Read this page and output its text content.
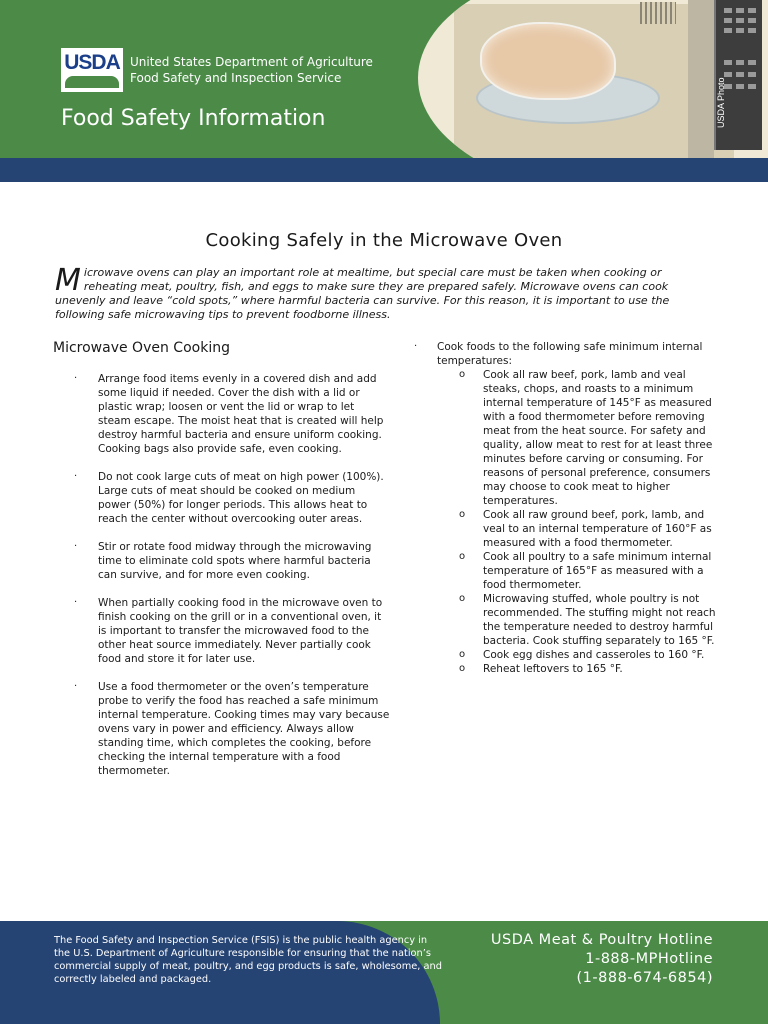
USDA Photo
USDA United States Department of Agriculture
Food Safety and Inspection Service
Food Safety Information
Cooking Safely in the Microwave Oven
Microwave ovens can play an important role at mealtime, but special care must be taken when cooking or reheating meat, poultry, fish, and eggs to make sure they are prepared safely. Microwave ovens can cook unevenly and leave “cold spots,” where harmful bacteria can survive. For this reason, it is important to use the following safe microwaving tips to prevent foodborne illness.
Microwave Oven Cooking
· Arrange food items evenly in a covered dish and add some liquid if needed. Cover the dish with a lid or plastic wrap; loosen or vent the lid or wrap to let steam escape. The moist heat that is created will help destroy harmful bacteria and ensure uniform cooking. Cooking bags also provide safe, even cooking.
· Do not cook large cuts of meat on high power (100%). Large cuts of meat should be cooked on medium power (50%) for longer periods. This allows heat to reach the center without overcooking outer areas.
· Stir or rotate food midway through the microwaving time to eliminate cold spots where harmful bacteria can survive, and for more even cooking.
· When partially cooking food in the microwave oven to finish cooking on the grill or in a conventional oven, it is important to transfer the microwaved food to the other heat source immediately. Never partially cook food and store it for later use.
· Use a food thermometer or the oven’s temperature probe to verify the food has reached a safe minimum internal temperature. Cooking times may vary because ovens vary in power and efficiency. Always allow standing time, which completes the cooking, before checking the internal temperature with a food thermometer.
· Cook foods to the following safe minimum internal temperatures:
o Cook all raw beef, pork, lamb and veal steaks, chops, and roasts to a minimum internal temperature of 145°F as measured with a food thermometer before removing meat from the heat source. For safety and quality, allow meat to rest for at least three minutes before carving or consuming. For reasons of personal preference, consumers may choose to cook meat to higher temperatures.
o Cook all raw ground beef, pork, lamb, and veal to an internal temperature of 160°F as measured with a food thermometer.
o Cook all poultry to a safe minimum internal temperature of 165°F as measured with a food thermometer.
o Microwaving stuffed, whole poultry is not recommended. The stuffing might not reach the temperature needed to destroy harmful bacteria. Cook stuffing separately to 165 °F.
o Cook egg dishes and casseroles to 160 °F.
o Reheat leftovers to 165 °F.
The Food Safety and Inspection Service (FSIS) is the public health agency in the U.S. Department of Agriculture responsible for ensuring that the nation’s commercial supply of meat, poultry, and egg products is safe, wholesome, and correctly labeled and packaged.
USDA Meat & Poultry Hotline
1-888-MPHotline
(1-888-674-6854)
